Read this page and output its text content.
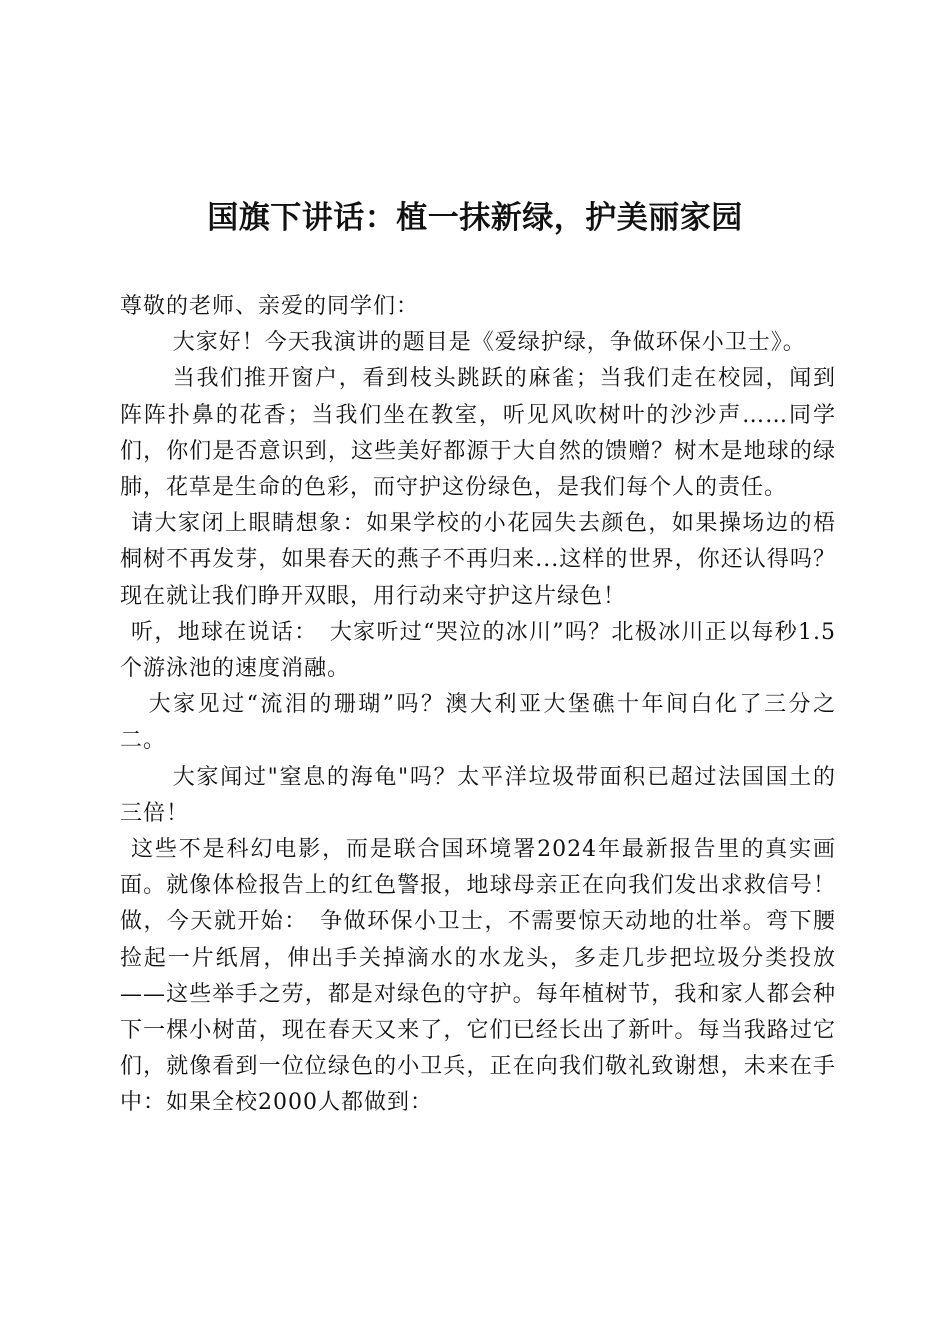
国旗下讲话：植一抹新绿，护美丽家园

尊敬的老师、亲爱的同学们：

大家好！今天我演讲的题目是《爱绿护绿，争做环保小卫士》。

当我们推开窗户，看到枝头跳跃的麻雀；当我们走在校园，闻到阵阵扑鼻的花香；当我们坐在教室，听见风吹树叶的沙沙声……同学们，你们是否意识到，这些美好都源于大自然的馈赠？树木是地球的绿肺，花草是生命的色彩，而守护这份绿色，是我们每个人的责任。

请大家闭上眼睛想象：如果学校的小花园失去颜色，如果操场边的梧桐树不再发芽，如果春天的燕子不再归来...这样的世界，你还认得吗？现在就让我们睁开双眼，用行动来守护这片绿色！

听，地球在说话：　大家听过“哭泣的冰川”吗？北极冰川正以每秒1.5个游泳池的速度消融。

大家见过“流泪的珊瑚”吗？澳大利亚大堡礁十年间白化了三分之二。

大家闻过"窒息的海龟"吗？太平洋垃圾带面积已超过法国国土的三倍！

这些不是科幻电影，而是联合国环境署2024年最新报告里的真实画面。就像体检报告上的红色警报，地球母亲正在向我们发出求救信号！做，今天就开始：　争做环保小卫士，不需要惊天动地的壮举。弯下腰捡起一片纸屑，伸出手关掉滴水的水龙头，多走几步把垃圾分类投放——这些举手之劳，都是对绿色的守护。每年植树节，我和家人都会种下一棵小树苗，现在春天又来了，它们已经长出了新叶。每当我路过它们，就像看到一位位绿色的小卫兵，正在向我们敬礼致谢想，未来在手中：如果全校2000人都做到：
